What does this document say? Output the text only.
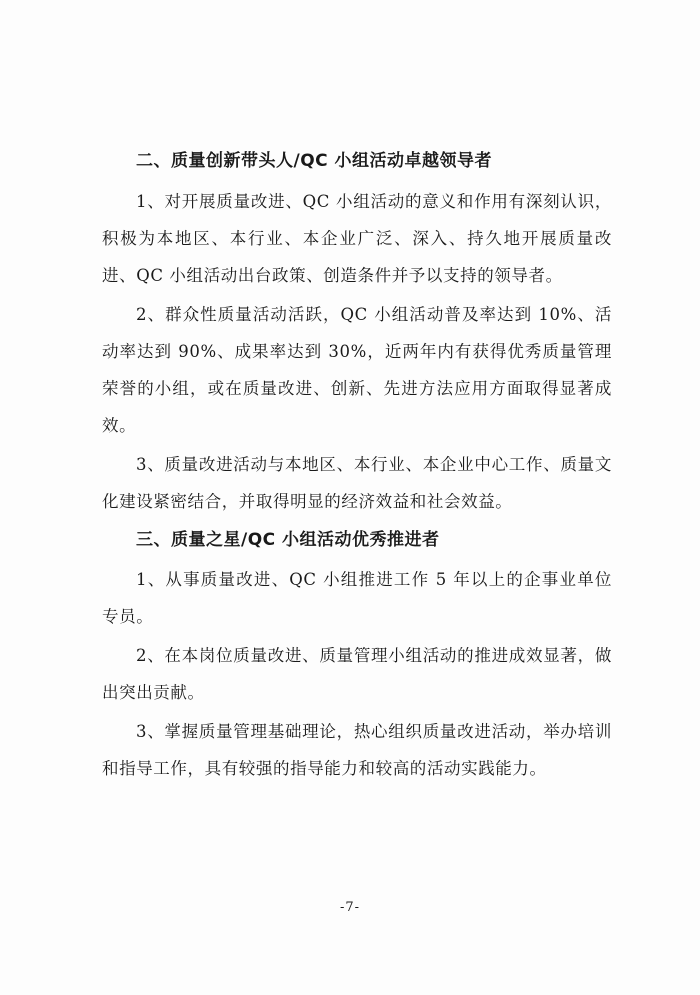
二、质量创新带头人/QC 小组活动卓越领导者

1、对开展质量改进、QC 小组活动的意义和作用有深刻认识，积极为本地区、本行业、本企业广泛、深入、持久地开展质量改进、QC 小组活动出台政策、创造条件并予以支持的领导者。

2、群众性质量活动活跃，QC 小组活动普及率达到 10%、活动率达到 90%、成果率达到 30%，近两年内有获得优秀质量管理荣誉的小组，或在质量改进、创新、先进方法应用方面取得显著成效。

3、质量改进活动与本地区、本行业、本企业中心工作、质量文化建设紧密结合，并取得明显的经济效益和社会效益。

三、质量之星/QC 小组活动优秀推进者

1、从事质量改进、QC 小组推进工作 5 年以上的企事业单位专员。

2、在本岗位质量改进、质量管理小组活动的推进成效显著，做出突出贡献。

3、掌握质量管理基础理论，热心组织质量改进活动，举办培训和指导工作，具有较强的指导能力和较高的活动实践能力。

-7-
